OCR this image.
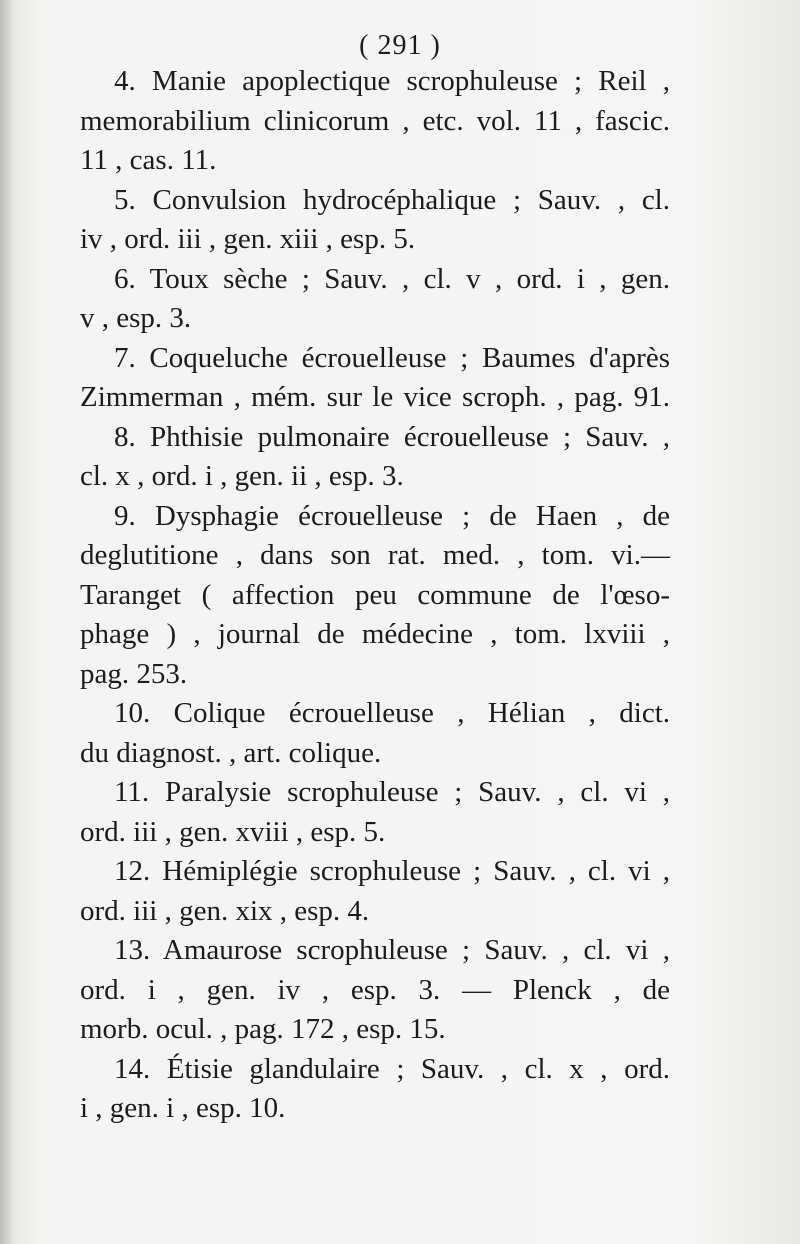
( 291 )
4. Manie apoplectique scrophuleuse ; Reil ,
memorabilium clinicorum , etc. vol. 11 , fascic.
11 , cas. 11.
5. Convulsion hydrocéphalique ; Sauv. , cl.
iv , ord. iii , gen. xiii , esp. 5.
6. Toux sèche ; Sauv. , cl. v , ord. i , gen.
v , esp. 3.
7. Coqueluche écrouelleuse ; Baumes d'après
Zimmerman , mém. sur le vice scroph. , pag. 91.
8. Phthisie pulmonaire écrouelleuse ; Sauv. ,
cl. x , ord. i , gen. ii , esp. 3.
9. Dysphagie écrouelleuse ; de Haen , de
deglutitione , dans son rat. med. , tom. vi.—
Taranget ( affection peu commune de l'œso-
phage ) , journal de médecine , tom. lxviii ,
pag. 253.
10. Colique écrouelleuse , Hélian , dict.
du diagnost. , art. colique.
11. Paralysie scrophuleuse ; Sauv. , cl. vi ,
ord. iii , gen. xviii , esp. 5.
12. Hémiplégie scrophuleuse ; Sauv. , cl. vi ,
ord. iii , gen. xix , esp. 4.
13. Amaurose scrophuleuse ; Sauv. , cl. vi ,
ord. i , gen. iv , esp. 3. — Plenck , de
morb. ocul. , pag. 172 , esp. 15.
14. Étisie glandulaire ; Sauv. , cl. x , ord.
i , gen. i , esp. 10.
